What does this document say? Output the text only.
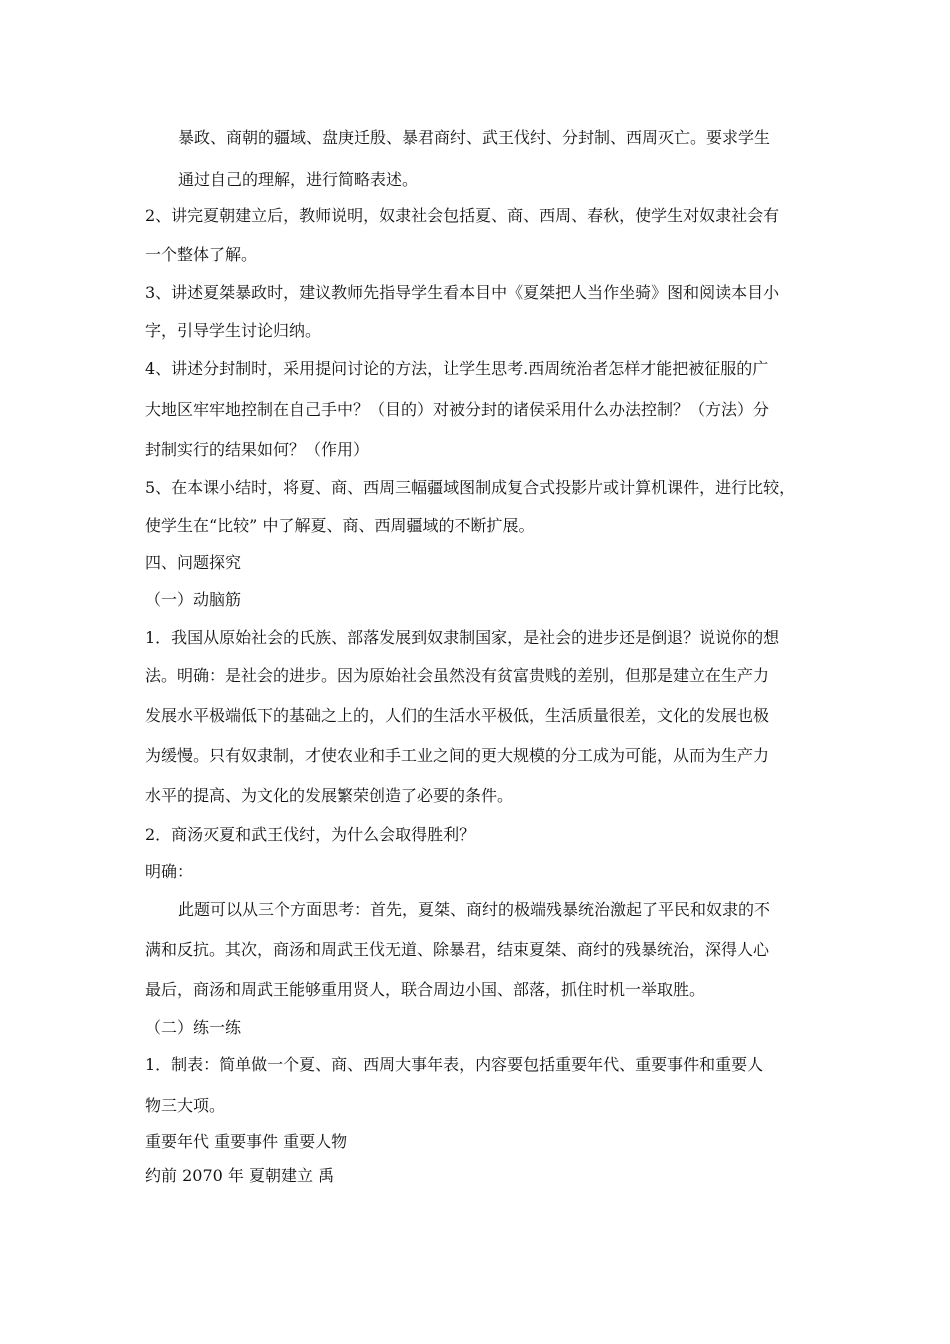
暴政、商朝的疆域、盘庚迁殷、暴君商纣、武王伐纣、分封制、西周灭亡。要求学生
通过自己的理解，进行简略表述。
2、讲完夏朝建立后，教师说明，奴隶社会包括夏、商、西周、春秋，使学生对奴隶社会有
一个整体了解。
3、讲述夏桀暴政时，建议教师先指导学生看本目中《夏桀把人当作坐骑》图和阅读本目小
字，引导学生讨论归纳。
4、讲述分封制时，采用提问讨论的方法，让学生思考.西周统治者怎样才能把被征服的广
大地区牢牢地控制在自己手中？（目的）对被分封的诸侯采用什么办法控制？（方法）分
封制实行的结果如何？（作用）
5、在本课小结时，将夏、商、西周三幅疆域图制成复合式投影片或计算机课件，进行比较，
使学生在“比较” 中了解夏、商、西周疆域的不断扩展。
四、问题探究
（一）动脑筋
1．我国从原始社会的氏族、部落发展到奴隶制国家，是社会的进步还是倒退？说说你的想
法。明确：是社会的进步。因为原始社会虽然没有贫富贵贱的差别，但那是建立在生产力
发展水平极端低下的基础之上的，人们的生活水平极低，生活质量很差，文化的发展也极
为缓慢。只有奴隶制，才使农业和手工业之间的更大规模的分工成为可能，从而为生产力
水平的提高、为文化的发展繁荣创造了必要的条件。
2．商汤灭夏和武王伐纣，为什么会取得胜利？
明确：
此题可以从三个方面思考：首先，夏桀、商纣的极端残暴统治激起了平民和奴隶的不
满和反抗。其次，商汤和周武王伐无道、除暴君，结束夏桀、商纣的残暴统治，深得人心
最后，商汤和周武王能够重用贤人，联合周边小国、部落，抓住时机一举取胜。
（二）练一练
1．制表：简单做一个夏、商、西周大事年表，内容要包括重要年代、重要事件和重要人
物三大项。
重要年代 重要事件 重要人物
约前 2070 年 夏朝建立 禹
